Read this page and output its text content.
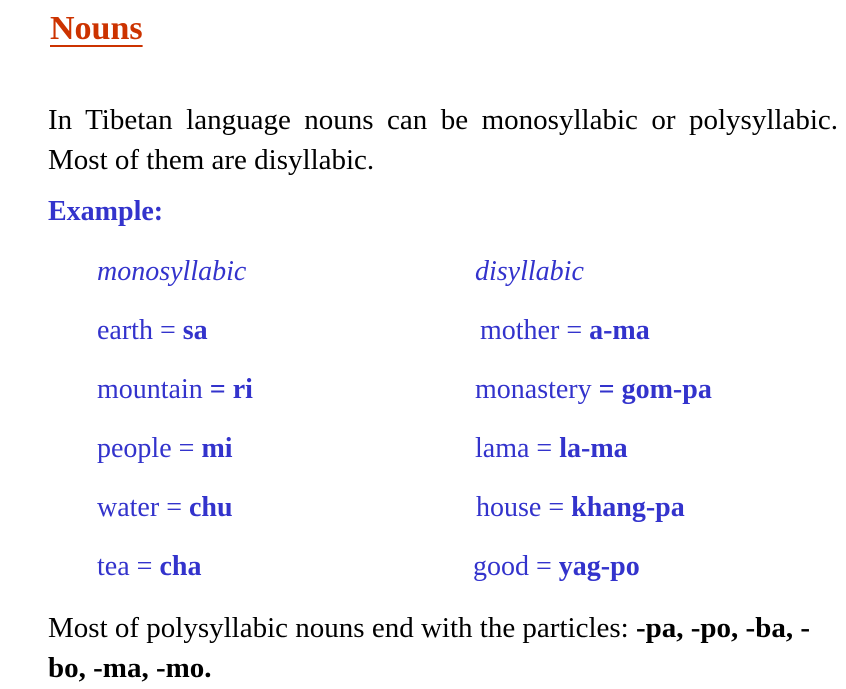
Nouns
In Tibetan language nouns can be monosyllabic or polysyllabic. Most of them are disyllabic.
Example:
monosyllabic	disyllabic
earth = sa
mountain = ri
people = mi
water = chu
tea = cha
mother = a-ma
monastery = gom-pa
lama = la-ma
house = khang-pa
good = yag-po
Most of polysyllabic nouns end with the particles: -pa, -po, -ba, -bo, -ma, -mo.
